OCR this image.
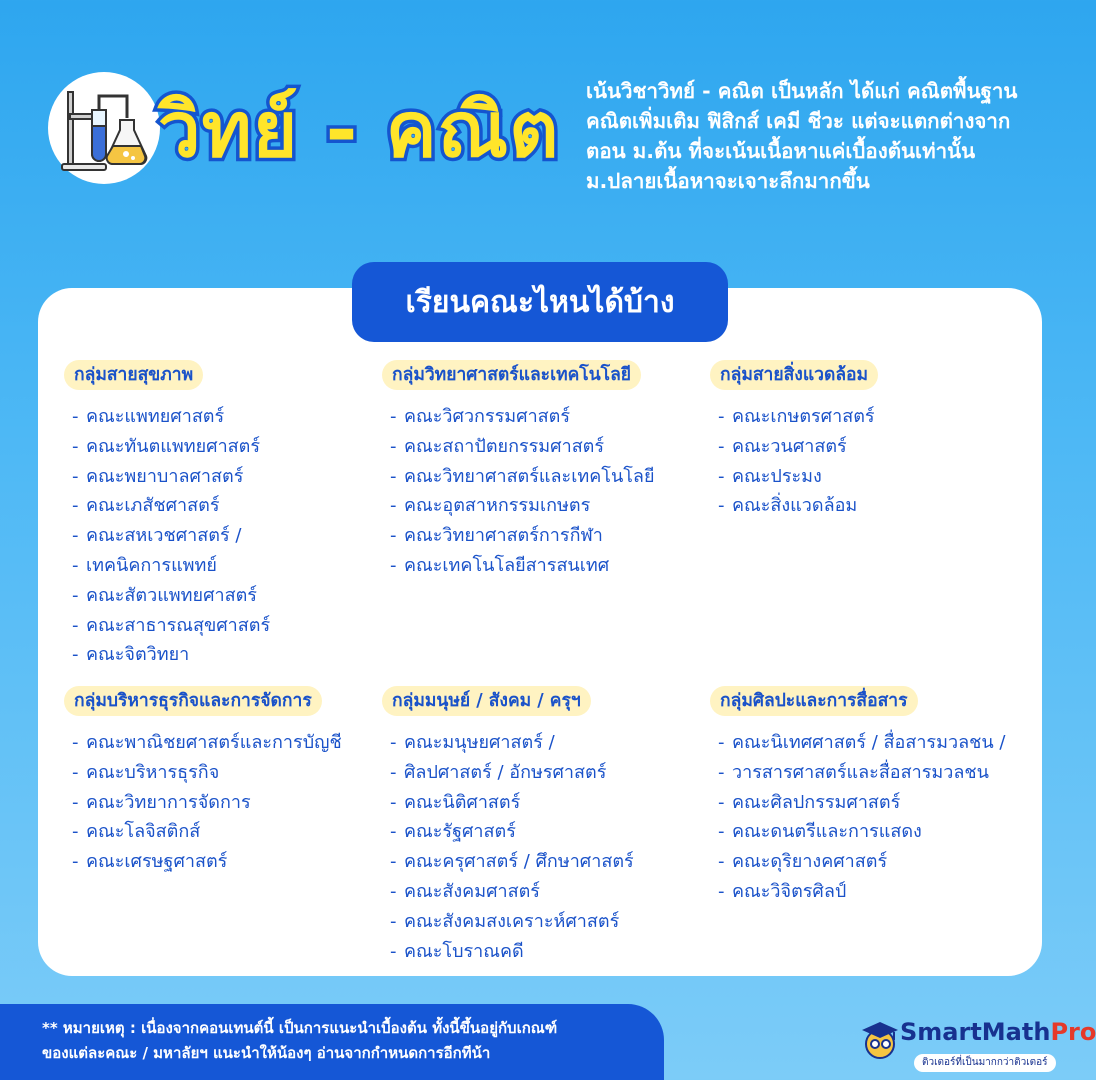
วิทย์ - คณิต เน้นวิชาวิทย์ - คณิต เป็นหลัก ได้แก่ คณิตพื้นฐาน
คณิตเพิ่มเติม ฟิสิกส์ เคมี ชีวะ แต่จะแตกต่างจาก
ตอน ม.ต้น ที่จะเน้นเนื้อหาแค่เบื้องต้นเท่านั้น
ม.ปลายเนื้อหาจะเจาะลึกมากขึ้น
เรียนคณะไหนได้บ้าง
กลุ่มสายสุขภาพ
- คณะแพทยศาสตร์
- คณะทันตแพทยศาสตร์
- คณะพยาบาลศาสตร์
- คณะเภสัชศาสตร์
- คณะสหเวชศาสตร์ /
- เทคนิคการแพทย์
- คณะสัตวแพทยศาสตร์
- คณะสาธารณสุขศาสตร์
- คณะจิตวิทยา
กลุ่มวิทยาศาสตร์และเทคโนโลยี
- คณะวิศวกรรมศาสตร์
- คณะสถาปัตยกรรมศาสตร์
- คณะวิทยาศาสตร์และเทคโนโลยี
- คณะอุตสาหกรรมเกษตร
- คณะวิทยาศาสตร์การกีฬา
- คณะเทคโนโลยีสารสนเทศ
กลุ่มสายสิ่งแวดล้อม
- คณะเกษตรศาสตร์
- คณะวนศาสตร์
- คณะประมง
- คณะสิ่งแวดล้อม
กลุ่มบริหารธุรกิจและการจัดการ
- คณะพาณิชยศาสตร์และการบัญชี
- คณะบริหารธุรกิจ
- คณะวิทยาการจัดการ
- คณะโลจิสติกส์
- คณะเศรษฐศาสตร์
กลุ่มมนุษย์ / สังคม / ครุฯ
- คณะมนุษยศาสตร์ /
- ศิลปศาสตร์ / อักษรศาสตร์
- คณะนิติศาสตร์
- คณะรัฐศาสตร์
- คณะครุศาสตร์ / ศึกษาศาสตร์
- คณะสังคมศาสตร์
- คณะสังคมสงเคราะห์ศาสตร์
- คณะโบราณคดี
กลุ่มศิลปะและการสื่อสาร
- คณะนิเทศศาสตร์ / สื่อสารมวลชน /
- วารสารศาสตร์และสื่อสารมวลชน
- คณะศิลปกรรมศาสตร์
- คณะดนตรีและการแสดง
- คณะดุริยางคศาสตร์
- คณะวิจิตรศิลป์
** หมายเหตุ : เนื่องจากคอนเทนต์นี้ เป็นการแนะนำเบื้องต้น ทั้งนี้ขึ้นอยู่กับเกณฑ์
ของแต่ละคณะ / มหาลัยฯ แนะนำให้น้องๆ อ่านจากกำหนดการอีกทีน้า
SmartMathPro
ติวเตอร์ที่เป็นมากกว่าติวเตอร์
